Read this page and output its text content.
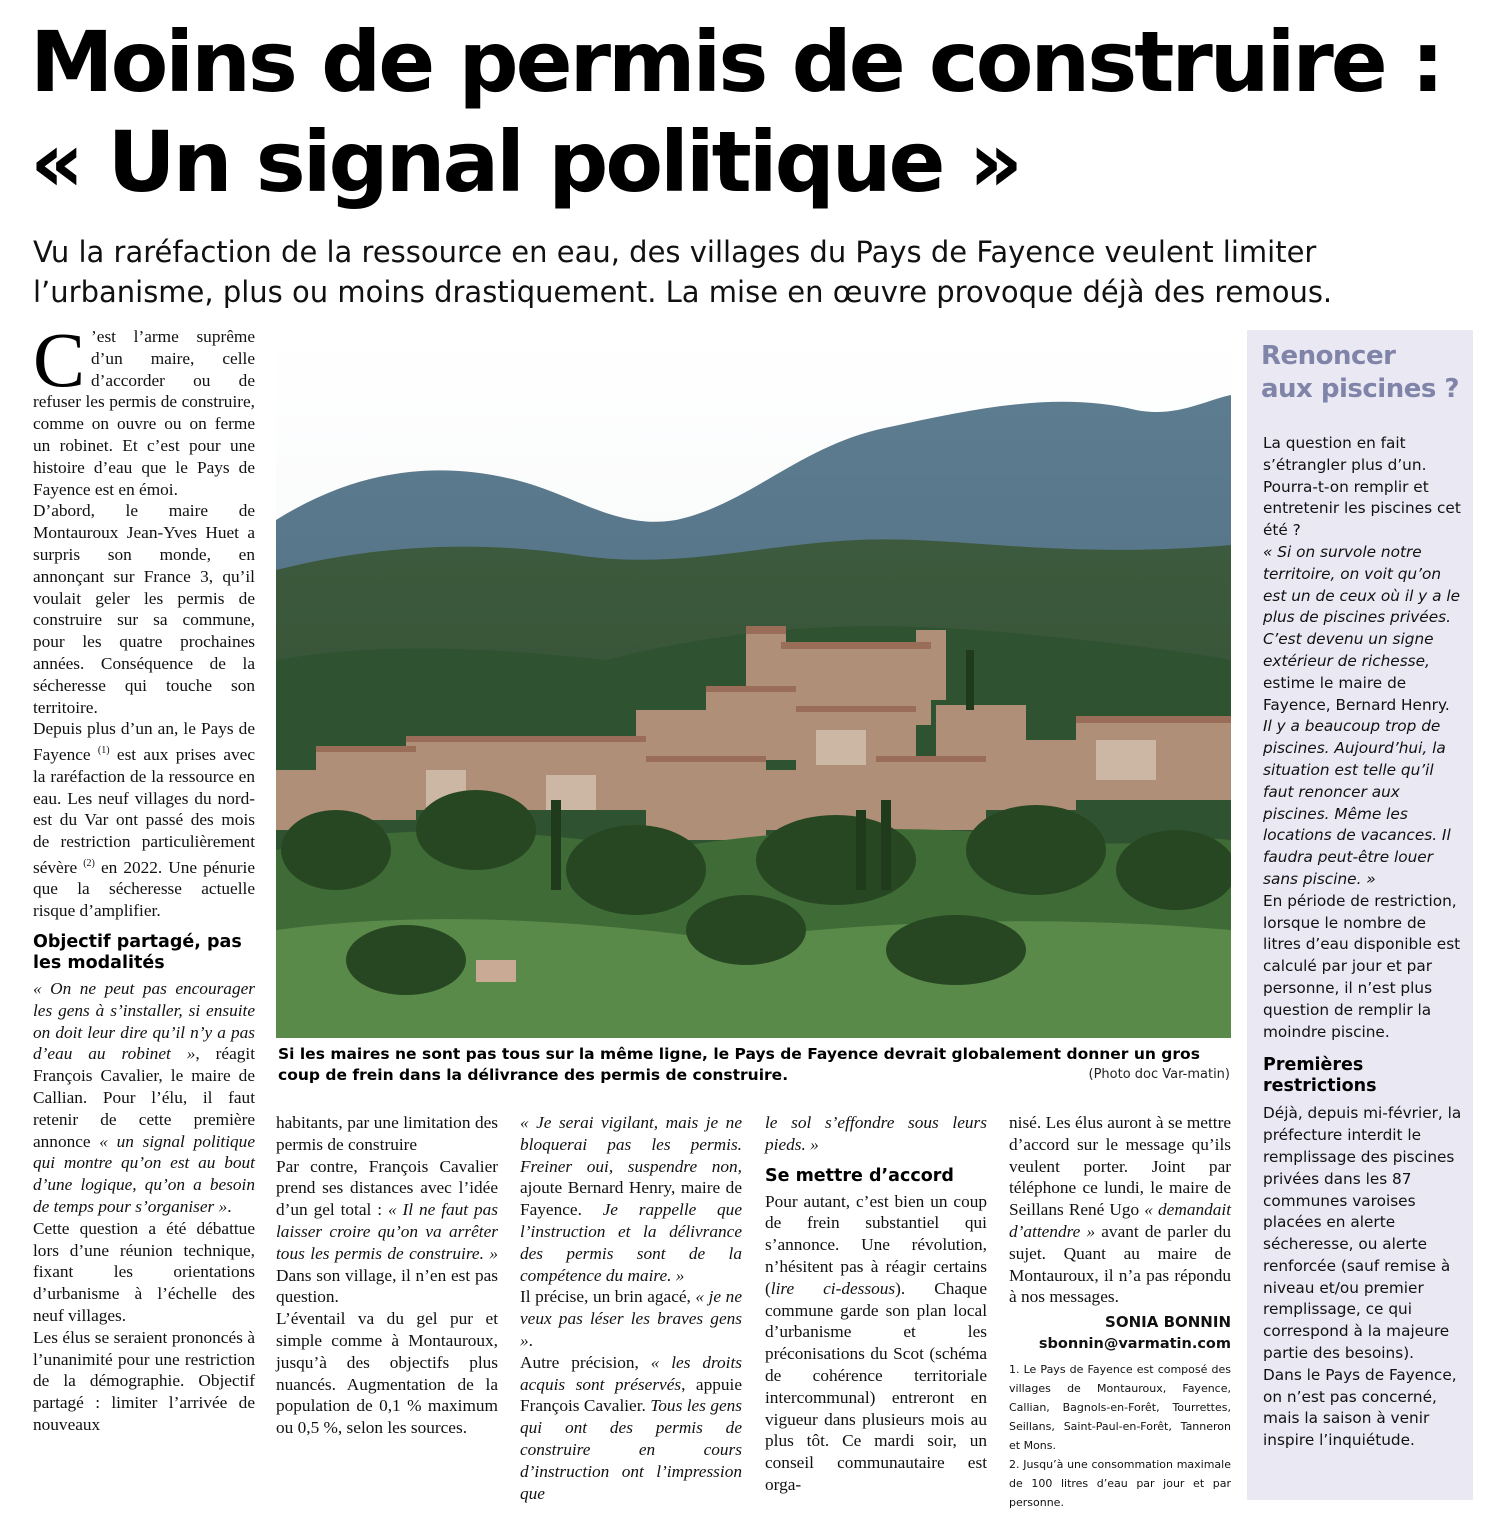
Moins de permis de construire :
« Un signal politique »
Vu la raréfaction de la ressource en eau, des villages du Pays de Fayence veulent limiter
l’urbanisme, plus ou moins drastiquement. La mise en œuvre provoque déjà des remous.

C ’est l’arme suprême d’un maire, celle d’accorder ou de refuser les permis de construire, comme on ouvre ou on ferme un robinet. Et c’est pour une histoire d’eau que le Pays de Fayence est en émoi.

D’abord, le maire de Montauroux Jean-Yves Huet a surpris son monde, en annonçant sur France 3, qu’il voulait geler les permis de construire sur sa commune, pour les quatre prochaines années. Conséquence de la sécheresse qui touche son territoire.

Depuis plus d’un an, le Pays de Fayence $^{(1)}$ est aux prises avec la raréfaction de la ressource en eau. Les neuf villages du nord-est du Var ont passé des mois de restriction particulièrement sévère $^{(2)}$ en 2022. Une pénurie que la sécheresse actuelle risque d’amplifier.

Objectif partagé, pas les modalités

« On ne peut pas encourager les gens à s’installer, si ensuite on doit leur dire qu’il n’y a pas d’eau au robinet », réagit François Cavalier, le maire de Callian. Pour l’élu, il faut retenir de cette première annonce « un signal politique qui montre qu’on est au bout d’une logique, qu’on a besoin de temps pour s’organiser ».

Cette question a été débattue lors d’une réunion technique, fixant les orientations d’urbanisme à l’échelle des neuf villages.

Les élus se seraient prononcés à l’unanimité pour une restriction de la démographie. Objectif partagé : limiter l’arrivée de nouveaux

Si les maires ne sont pas tous sur la même ligne, le Pays de Fayence devrait globalement donner un gros coup de frein dans la délivrance des permis de construire.	(Photo doc Var-matin)

habitants, par une limitation des permis de construire

Par contre, François Cavalier prend ses distances avec l’idée d’un gel total : « Il ne faut pas laisser croire qu’on va arrêter tous les permis de construire. » Dans son village, il n’en est pas question.

L’éventail va du gel pur et simple comme à Montauroux, jusqu’à des objectifs plus nuancés. Augmentation de la population de 0,1 % maximum ou 0,5 %, selon les sources.

« Je serai vigilant, mais je ne bloquerai pas les permis. Freiner oui, suspendre non, ajoute Bernard Henry, maire de Fayence. Je rappelle que l’instruction et la délivrance des permis sont de la compétence du maire. »

Il précise, un brin agacé, « je ne veux pas léser les braves gens ».

Autre précision, « les droits acquis sont préservés, appuie François Cavalier. Tous les gens qui ont des permis de construire en cours d’instruction ont l’impression que

le sol s’effondre sous leurs pieds. »

Se mettre d’accord

Pour autant, c’est bien un coup de frein substantiel qui s’annonce. Une révolution, n’hésitent pas à réagir certains (lire ci-dessous). Chaque commune garde son plan local d’urbanisme et les préconisations du Scot (schéma de cohérence territoriale intercommunal) entreront en vigueur dans plusieurs mois au plus tôt. Ce mardi soir, un conseil communautaire est orga-

nisé. Les élus auront à se mettre d’accord sur le message qu’ils veulent porter. Joint par téléphone ce lundi, le maire de Seillans René Ugo « demandait d’attendre » avant de parler du sujet. Quant au maire de Montauroux, il n’a pas répondu à nos messages.

SONIA BONNIN
sbonnin@varmatin.com
1. Le Pays de Fayence est composé des villages de Montauroux, Fayence, Callian, Bagnols-en-Forêt, Tourrettes, Seillans, Saint-Paul-en-Forêt, Tanneron et Mons.
2. Jusqu’à une consommation maximale de 100 litres d’eau par jour et par personne.
Renoncer
aux piscines ?

La question en fait s’étrangler plus d’un. Pourra-t-on remplir et entretenir les piscines cet été ?

« Si on survole notre territoire, on voit qu’on est un de ceux où il y a le plus de piscines privées. C’est devenu un signe extérieur de richesse, estime le maire de Fayence, Bernard Henry. Il y a beaucoup trop de piscines. Aujourd’hui, la situation est telle qu’il faut renoncer aux piscines. Même les locations de vacances. Il faudra peut-être louer sans piscine. »

En période de restriction, lorsque le nombre de litres d’eau disponible est calculé par jour et par personne, il n’est plus question de remplir la moindre piscine.

Premières restrictions

Déjà, depuis mi-février, la préfecture interdit le remplissage des piscines privées dans les 87 communes varoises placées en alerte sécheresse, ou alerte renforcée (sauf remise à niveau et/ou premier remplissage, ce qui correspond à la majeure partie des besoins).

Dans le Pays de Fayence, on n’est pas concerné, mais la saison à venir inspire l’inquiétude.
